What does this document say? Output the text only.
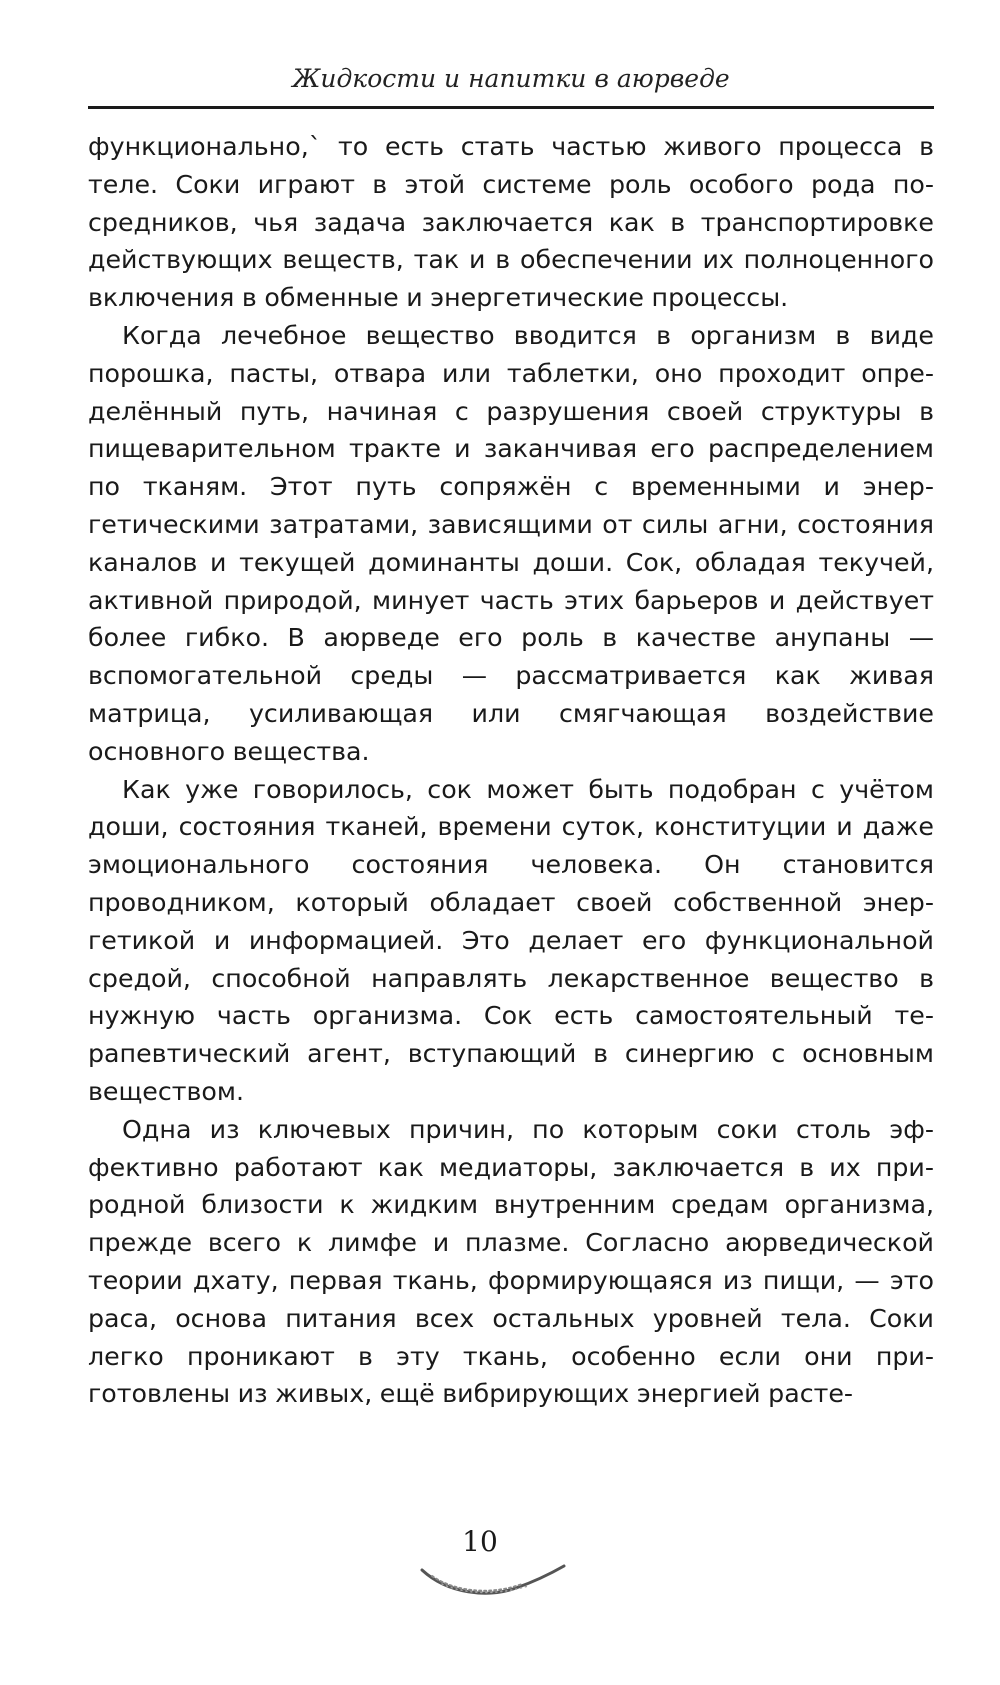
Жидкости и напитки в аюрведе

функционально,` то есть стать частью живого процесса в теле. Соки играют в этой системе роль особого рода посредников, чья задача заключается как в транспортировке действующих веществ, так и в обеспечении их полноценного включения в обменные и энергетические процессы.

Когда лечебное вещество вводится в организм в виде порошка, пасты, отвара или таблетки, оно проходит определённый путь, начиная с разрушения своей структуры в пищеварительном тракте и заканчивая его распределением по тканям. Этот путь сопряжён с временными и энергетическими затратами, зависящими от силы агни, состояния каналов и текущей доминанты доши. Сок, обладая текучей, активной природой, минует часть этих барьеров и действует более гибко. В аюрведе его роль в качестве анупаны — вспомогательной среды — рассматривается как живая матрица, усиливающая или смягчающая воздействие основного вещества.

Как уже говорилось, сок может быть подобран с учётом доши, состояния тканей, времени суток, конституции и даже эмоционального состояния человека. Он становится проводником, который обладает своей собственной энергетикой и информацией. Это делает его функциональной средой, способной направлять лекарственное вещество в нужную часть организма. Сок есть самостоятельный терапевтический агент, вступающий в синергию с основным веществом.

Одна из ключевых причин, по которым соки столь эффективно работают как медиаторы, заключается в их природной близости к жидким внутренним средам организма, прежде всего к лимфе и плазме. Согласно аюрведической теории дхату, первая ткань, формирующаяся из пищи, — это раса, основа питания всех остальных уровней тела. Соки легко проникают в эту ткань, особенно если они приготовлены из живых, ещё вибрирующих энергией расте-

10
